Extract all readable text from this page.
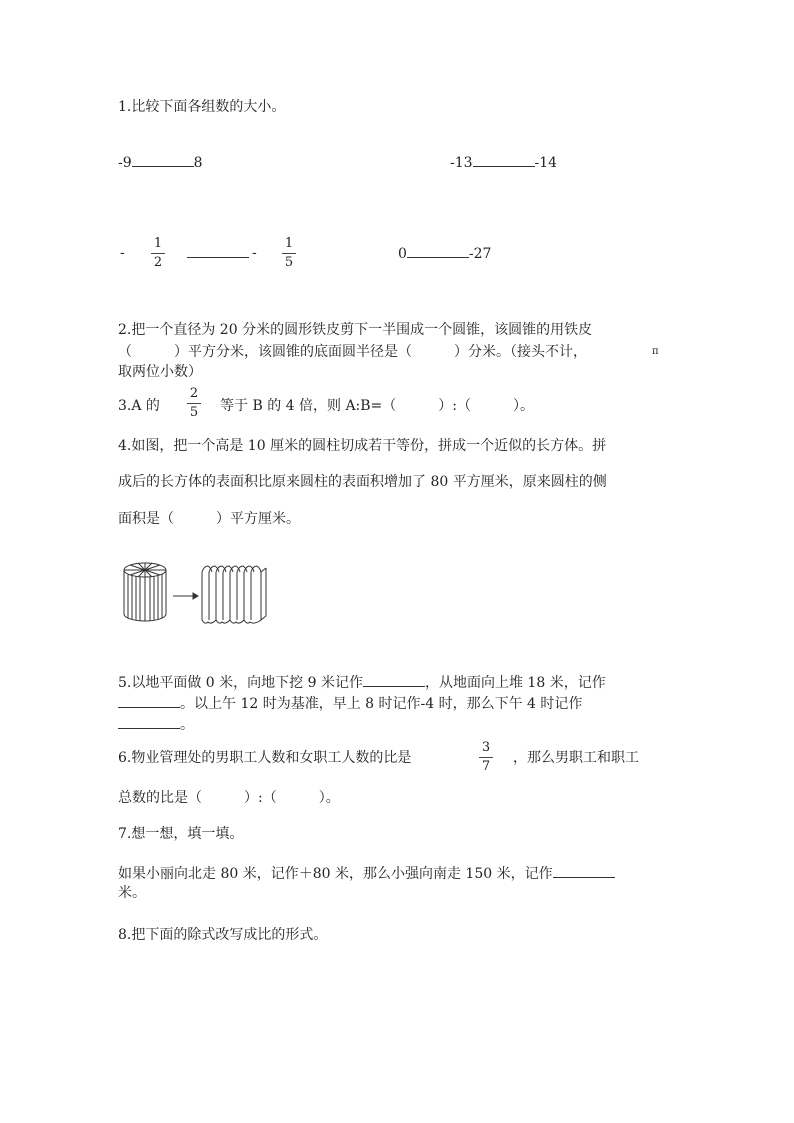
1.比较下面各组数的大小。
-9	8	-13	-14
-
1
2
-
1
5
0	-27
2.把一个直径为 20 分米的圆形铁皮剪下一半围成一个圆锥，该圆锥的用铁皮
（　　　）平方分米，该圆锥的底面圆半径是（　　　）分米。（接头不计，	π
取两位小数）
3.A 的
2
5 等于 B 的 4 倍，则 A:B=（　　　）:（　　　）。
4.如图，把一个高是 10 厘米的圆柱切成若干等份，拼成一个近似的长方体。拼
成后的长方体的表面积比原来圆柱的表面积增加了 80 平方厘米，原来圆柱的侧
面积是（　　　）平方厘米。
5.以地平面做 0 米，向地下挖 9 米记作	，从地面向上堆 18 米，记作
。以上午 12 时为基准，早上 8 时记作-4 时，那么下午 4 时记作
。
6.物业管理处的男职工人数和女职工人数的比是
3
7
，那么男职工和职工
总数的比是（　　　）:（　　　）。
7.想一想，填一填。
如果小丽向北走 80 米，记作＋80 米，那么小强向南走 150 米，记作
米。
8.把下面的除式改写成比的形式。
